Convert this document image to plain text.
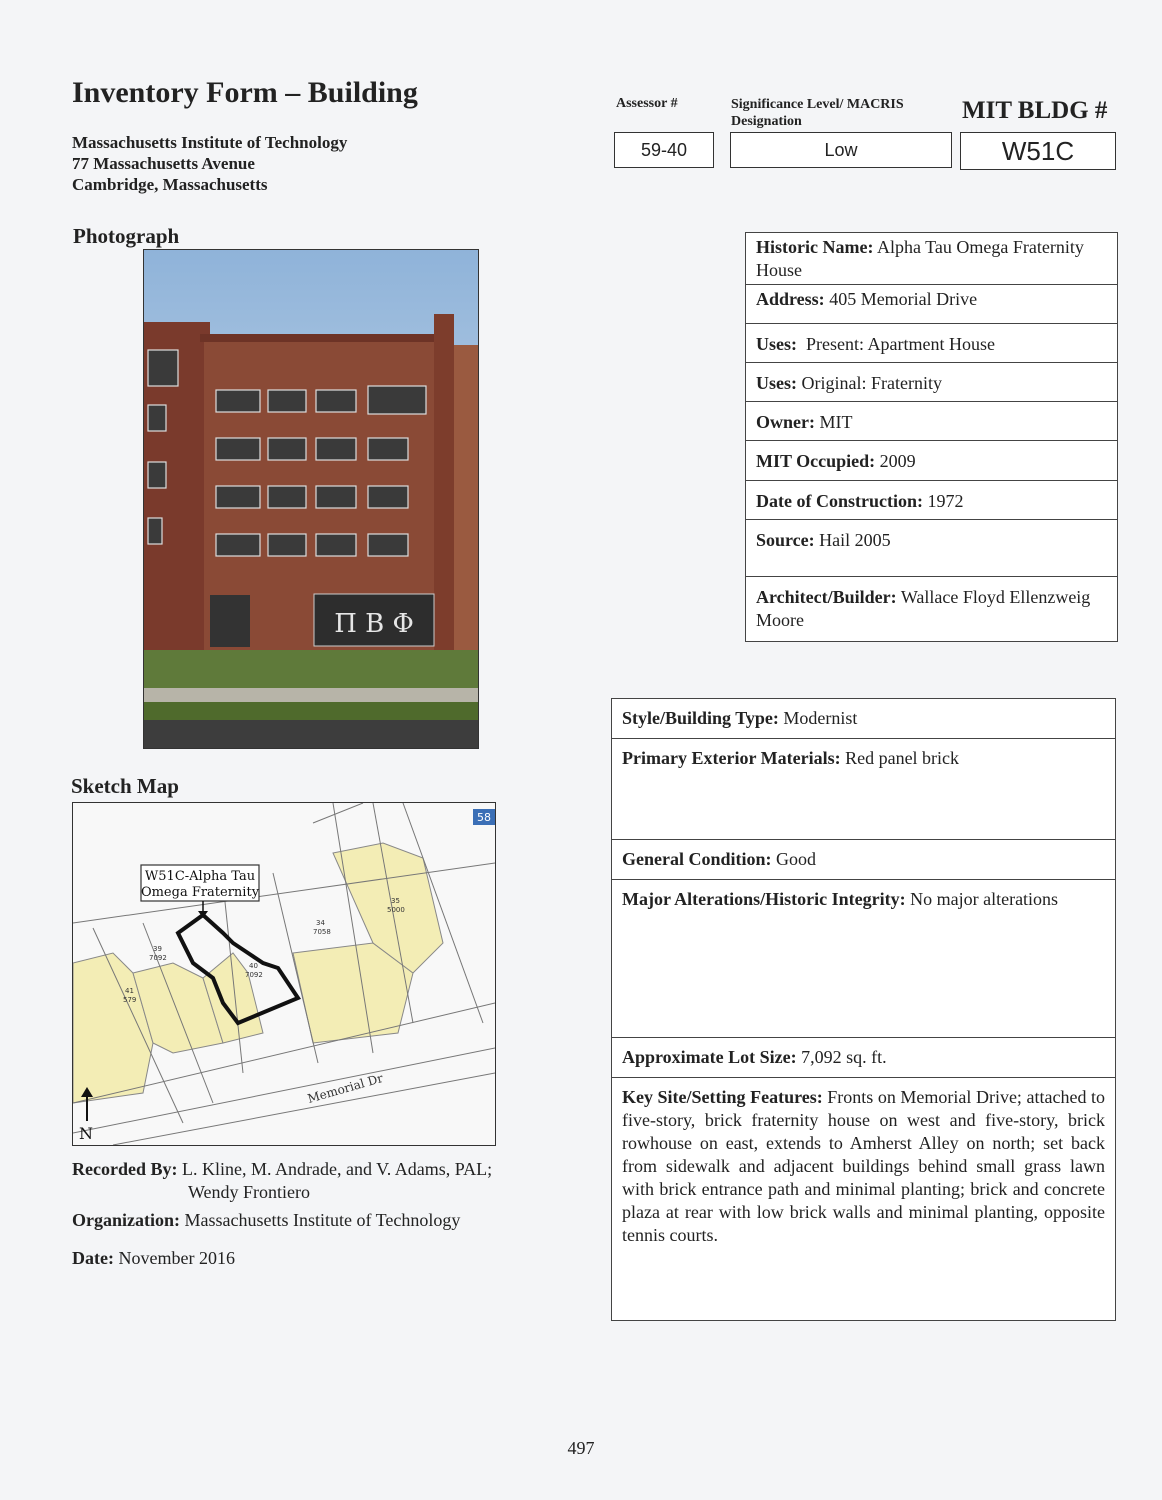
Inventory Form – Building
Massachusetts Institute of Technology
77 Massachusetts Avenue
Cambridge, Massachusetts
Assessor #
59-40
Significance Level/ MACRIS Designation
Low
MIT BLDG #
W51C
Photograph
Π Β Φ
Sketch Map
W51C-Alpha Tau
Omega Fraternity
39
7092
40
7092
34
7058
35
5000
41
579
58
Memorial Dr
N
Historic Name: Alpha Tau Omega Fraternity House
Address: 405 Memorial Drive
Uses: Present: Apartment House
Uses: Original: Fraternity
Owner: MIT
MIT Occupied: 2009
Date of Construction: 1972
Source: Hail 2005
Architect/Builder: Wallace Floyd Ellenzweig Moore
Style/Building Type: Modernist
Primary Exterior Materials: Red panel brick
General Condition: Good
Major Alterations/Historic Integrity: No major alterations
Approximate Lot Size: 7,092 sq. ft.
Key Site/Setting Features: Fronts on Memorial Drive; attached to five-story, brick fraternity house on west and five-story, brick rowhouse on east, extends to Amherst Alley on north; set back from sidewalk and adjacent buildings behind small grass lawn with brick entrance path and minimal planting; brick and concrete plaza at rear with low brick walls and minimal planting, opposite tennis courts.
Recorded By: L. Kline, M. Andrade, and V. Adams, PAL;
Wendy Frontiero
Organization: Massachusetts Institute of Technology
Date: November 2016
497
